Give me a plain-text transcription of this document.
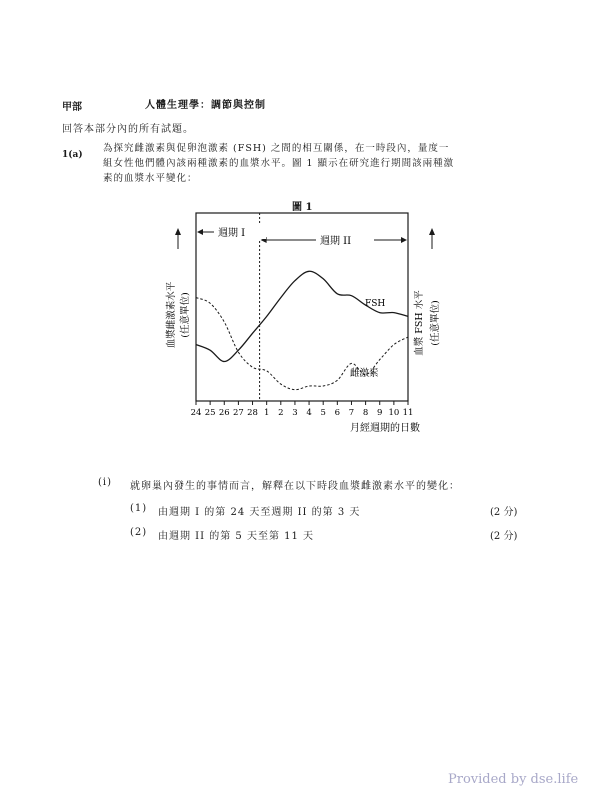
甲部	人體生理學：調節與控制
回答本部分內的所有試題。
1(a)
為探究雌激素與促卵泡激素 (FSH) 之間的相互關係，在一時段內，量度一
組女性他們體內該兩種激素的血漿水平。圖 1 顯示在研究進行期間該兩種激
素的血漿水平變化：
圖 1
週期 I
週期 II
血漿雌激素水平 (任意單位)	血漿 FSH 水平 (任意單位)
FSH
雌激素
24 25 26 27 28 1 2 3 4 5 6 7 8 9 10 11
月經週期的日數
(i) 就卵巢內發生的事情而言，解釋在以下時段血漿雌激素水平的變化：
(1) 由週期 I 的第 24 天至週期 II 的第 3 天	(2 分)
(2) 由週期 II 的第 5 天至第 11 天	(2 分)
Provided by dse.life
